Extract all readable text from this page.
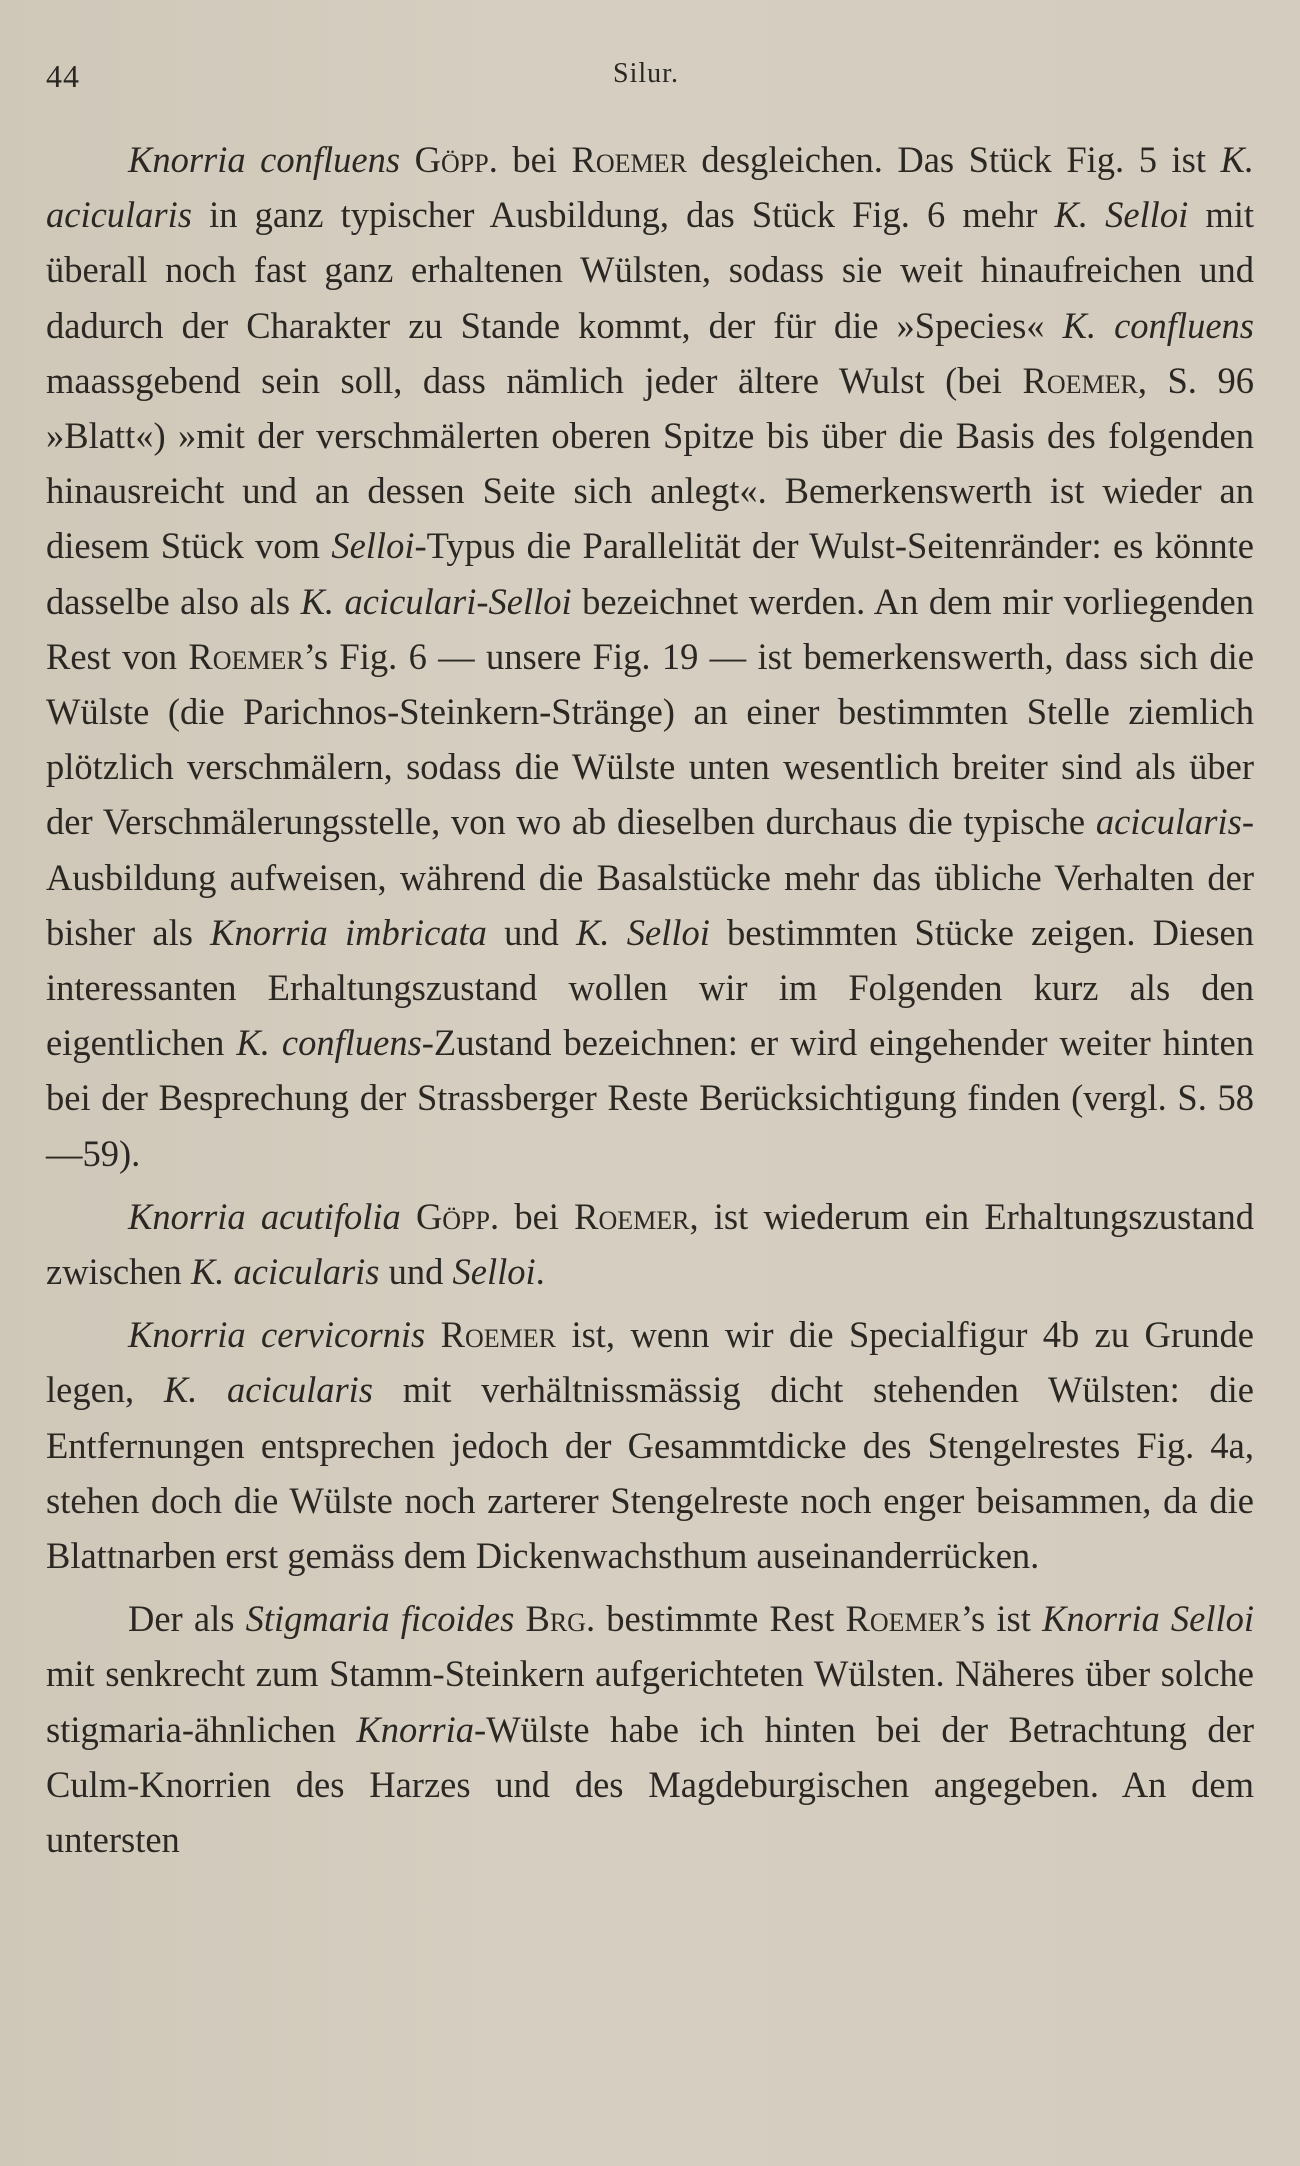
44	Silur.

Knorria confluens Göpp. bei Roemer desgleichen. Das Stück Fig. 5 ist K. acicularis in ganz typischer Ausbildung, das Stück Fig. 6 mehr K. Selloi mit überall noch fast ganz erhaltenen Wülsten, sodass sie weit hinaufreichen und dadurch der Charakter zu Stande kommt, der für die »Species« K. confluens maassgebend sein soll, dass nämlich jeder ältere Wulst (bei Roemer, S. 96 »Blatt«) »mit der verschmälerten oberen Spitze bis über die Basis des folgenden hinausreicht und an dessen Seite sich anlegt«. Bemerkenswerth ist wieder an diesem Stück vom Selloi-Typus die Parallelität der Wulst-Seitenränder: es könnte dasselbe also als K. aciculari-Selloi bezeichnet werden. An dem mir vorliegenden Rest von Roemer’s Fig. 6 — unsere Fig. 19 — ist bemerkenswerth, dass sich die Wülste (die Parichnos-Steinkern-Stränge) an einer bestimmten Stelle ziemlich plötzlich verschmälern, sodass die Wülste unten wesentlich breiter sind als über der Verschmälerungsstelle, von wo ab dieselben durchaus die typische acicularis-Ausbildung aufweisen, während die Basalstücke mehr das übliche Verhalten der bisher als Knorria imbricata und K. Selloi bestimmten Stücke zeigen. Diesen interessanten Erhaltungszustand wollen wir im Folgenden kurz als den eigentlichen K. confluens-Zustand bezeichnen: er wird eingehender weiter hinten bei der Besprechung der Strassberger Reste Berücksichtigung finden (vergl. S. 58—59).

Knorria acutifolia Göpp. bei Roemer, ist wiederum ein Erhaltungszustand zwischen K. acicularis und Selloi.

Knorria cervicornis Roemer ist, wenn wir die Specialfigur 4b zu Grunde legen, K. acicularis mit verhältnissmässig dicht stehenden Wülsten: die Entfernungen entsprechen jedoch der Gesammtdicke des Stengelrestes Fig. 4a, stehen doch die Wülste noch zarterer Stengelreste noch enger beisammen, da die Blattnarben erst gemäss dem Dickenwachsthum auseinanderrücken.

Der als Stigmaria ficoides Brg. bestimmte Rest Roemer’s ist Knorria Selloi mit senkrecht zum Stamm-Steinkern aufgerichteten Wülsten. Näheres über solche stigmaria-ähnlichen Knorria-Wülste habe ich hinten bei der Betrachtung der Culm-Knorrien des Harzes und des Magdeburgischen angegeben. An dem untersten
